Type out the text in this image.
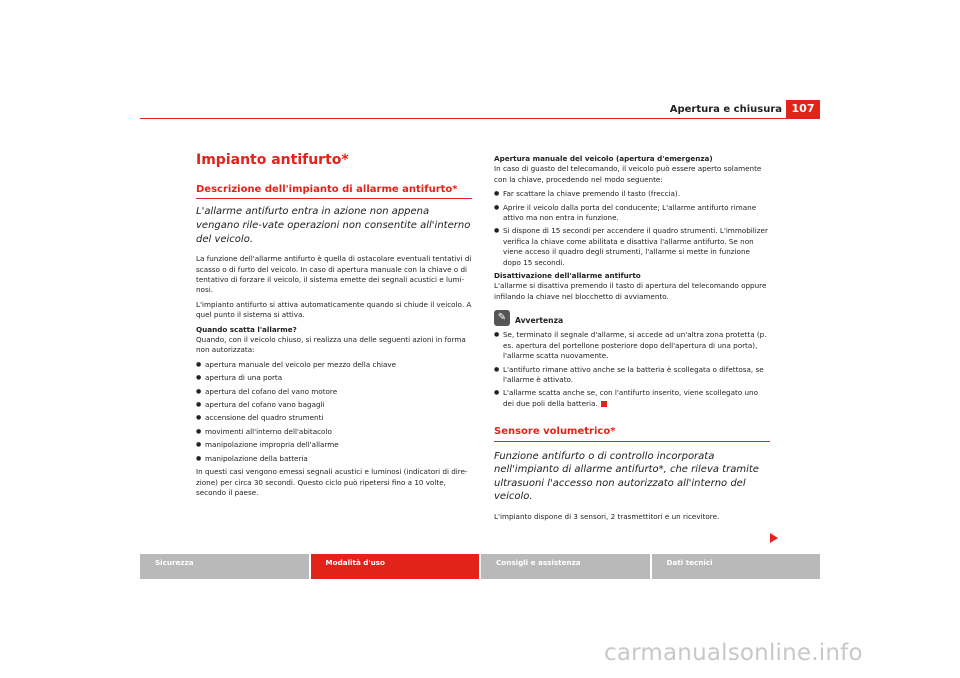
Apertura e chiusura 107
Impianto antifurto*
Descrizione dell'impianto di allarme antifurto*
L'allarme antifurto entra in azione non appena vengano rile-vate operazioni non consentite all'interno del veicolo.

La funzione dell'allarme antifurto è quella di ostacolare eventuali tentativi di scasso o di furto del veicolo. In caso di apertura manuale con la chiave o di tentativo di forzare il veicolo, il sistema emette dei segnali acustici e lumi-nosi.

L'impianto antifurto si attiva automaticamente quando si chiude il veicolo. A quel punto il sistema si attiva.

Quando scatta l'allarme?

Quando, con il veicolo chiuso, si realizza una delle seguenti azioni in forma non autorizzata:

● apertura manuale del veicolo per mezzo della chiave
● apertura di una porta
● apertura del cofano del vano motore
● apertura del cofano vano bagagli
● accensione del quadro strumenti
● movimenti all'interno dell'abitacolo
● manipolazione impropria dell'allarme
● manipolazione della batteria

In questi casi vengono emessi segnali acustici e luminosi (indicatori di dire-zione) per circa 30 secondi. Questo ciclo può ripetersi fino a 10 volte, secondo il paese.

Apertura manuale del veicolo (apertura d'emergenza)

In caso di guasto del telecomando, il veicolo può essere aperto solamente con la chiave, procedendo nel modo seguente:

● Far scattare la chiave premendo il tasto (freccia).
● Aprire il veicolo dalla porta del conducente; L'allarme antifurto rimane attivo ma non entra in funzione.
● Si dispone di 15 secondi per accendere il quadro strumenti. L'immobilizer verifica la chiave come abilitata e disattiva l'allarme antifurto. Se non viene acceso il quadro degli strumenti, l'allarme si mette in funzione dopo 15 secondi.
Disattivazione dell'allarme antifurto

L'allarme si disattiva premendo il tasto di apertura del telecomando oppure infilando la chiave nel blocchetto di avviamento.

✎	Avvertenza
● Se, terminato il segnale d'allarme, si accede ad un'altra zona protetta (p. es. apertura del portellone posteriore dopo dell'apertura di una porta), l'allarme scatta nuovamente.
● L'antifurto rimane attivo anche se la batteria è scollegata o difettosa, se l'allarme è attivato.
● L'allarme scatta anche se, con l'antifurto inserito, viene scollegato uno dei due poli della batteria.
Sensore volumetrico*
Funzione antifurto o di controllo incorporata nell'impianto di allarme antifurto*, che rileva tramite ultrasuoni l'accesso non autorizzato all'interno del veicolo.

L'impianto dispone di 3 sensori, 2 trasmettitori e un ricevitore.

Sicurezza	Modalità d'uso	Consigli e assistenza	Dati tecnici
carmanualsonline.info
